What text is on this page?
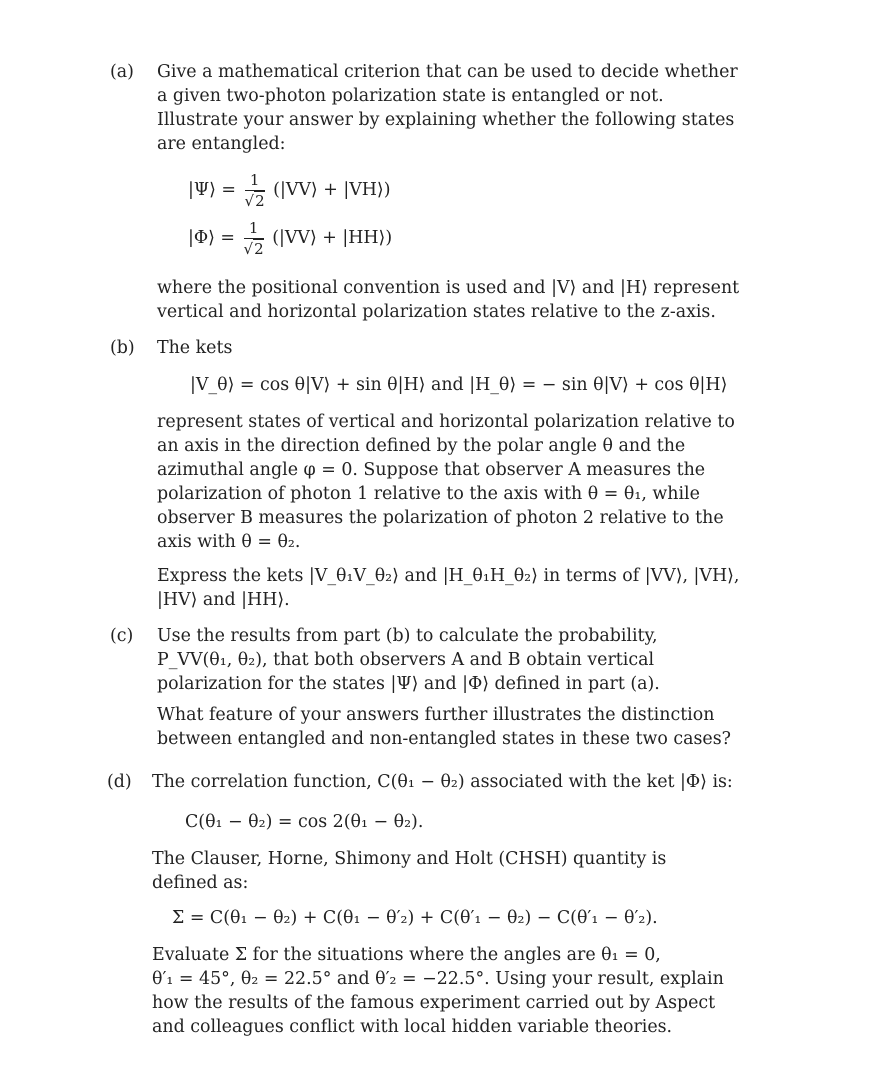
(a) Give a mathematical criterion that can be used to decide whether
a given two-photon polarization state is entangled or not.
Illustrate your answer by explaining whether the following states
are entangled:
|Ψ⟩ = $\frac{1}{√2}$ (|VV⟩ + |VH⟩)
|Φ⟩ = $\frac{1}{√2}$ (|VV⟩ + |HH⟩)
where the positional convention is used and |V⟩ and |H⟩ represent
vertical and horizontal polarization states relative to the z-axis.
(b) The kets
|V_θ⟩ = cos θ|V⟩ + sin θ|H⟩ and |H_θ⟩ = − sin θ|V⟩ + cos θ|H⟩
represent states of vertical and horizontal polarization relative to
an axis in the direction defined by the polar angle θ and the
azimuthal angle φ = 0. Suppose that observer A measures the
polarization of photon 1 relative to the axis with θ = θ₁, while
observer B measures the polarization of photon 2 relative to the
axis with θ = θ₂.
Express the kets |V_θ₁V_θ₂⟩ and |H_θ₁H_θ₂⟩ in terms of |VV⟩, |VH⟩,
|HV⟩ and |HH⟩.
(c) Use the results from part (b) to calculate the probability,
P_VV(θ₁, θ₂), that both observers A and B obtain vertical
polarization for the states |Ψ⟩ and |Φ⟩ defined in part (a).
What feature of your answers further illustrates the distinction
between entangled and non-entangled states in these two cases?
(d) The correlation function, C(θ₁ − θ₂) associated with the ket |Φ⟩ is:
C(θ₁ − θ₂) = cos 2(θ₁ − θ₂).
The Clauser, Horne, Shimony and Holt (CHSH) quantity is
defined as:
Σ = C(θ₁ − θ₂) + C(θ₁ − θ′₂) + C(θ′₁ − θ₂) − C(θ′₁ − θ′₂).
Evaluate Σ for the situations where the angles are θ₁ = 0,
θ′₁ = 45°, θ₂ = 22.5° and θ′₂ = −22.5°. Using your result, explain
how the results of the famous experiment carried out by Aspect
and colleagues conflict with local hidden variable theories.
